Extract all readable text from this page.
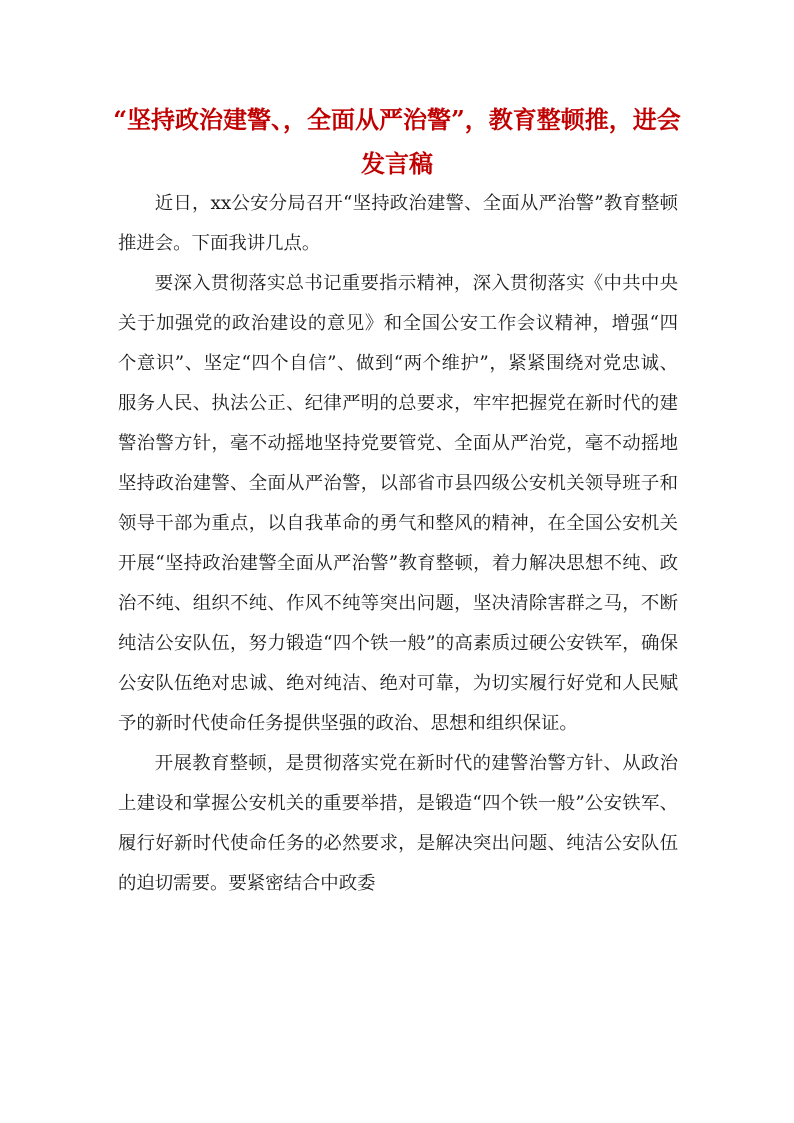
“坚持政治建警、，全面从严治警”，教育整顿推，进会发言稿

近日，xx公安分局召开“坚持政治建警、全面从严治警”教育整顿推进会。下面我讲几点。

要深入贯彻落实总书记重要指示精神，深入贯彻落实《中共中央关于加强党的政治建设的意见》和全国公安工作会议精神，增强“四个意识”、坚定“四个自信”、做到“两个维护”，紧紧围绕对党忠诚、服务人民、执法公正、纪律严明的总要求，牢牢把握党在新时代的建警治警方针，毫不动摇地坚持党要管党、全面从严治党，毫不动摇地坚持政治建警、全面从严治警，以部省市县四级公安机关领导班子和领导干部为重点，以自我革命的勇气和整风的精神，在全国公安机关开展“坚持政治建警全面从严治警”教育整顿，着力解决思想不纯、政治不纯、组织不纯、作风不纯等突出问题，坚决清除害群之马，不断纯洁公安队伍，努力锻造“四个铁一般”的高素质过硬公安铁军，确保公安队伍绝对忠诚、绝对纯洁、绝对可靠，为切实履行好党和人民赋予的新时代使命任务提供坚强的政治、思想和组织保证。

开展教育整顿，是贯彻落实党在新时代的建警治警方针、从政治上建设和掌握公安机关的重要举措，是锻造“四个铁一般”公安铁军、履行好新时代使命任务的必然要求，是解决突出问题、纯洁公安队伍的迫切需要。要紧密结合中政委
